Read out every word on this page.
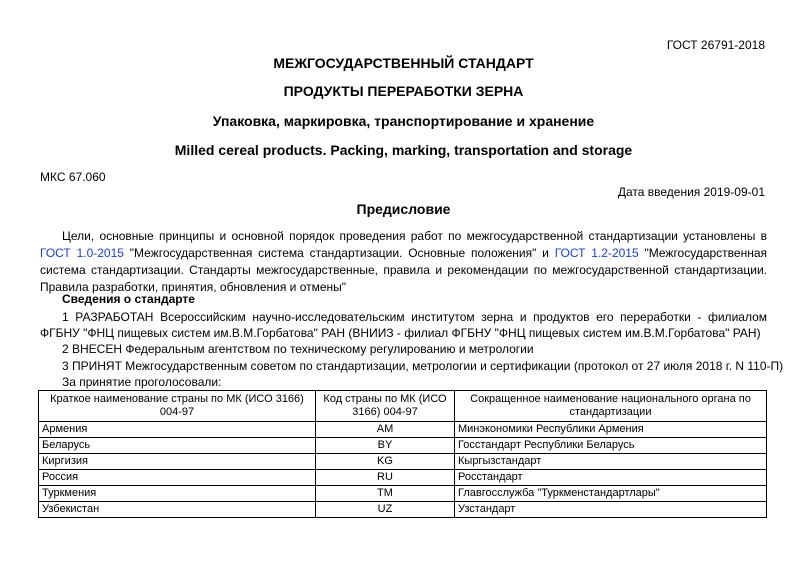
ГОСТ 26791-2018
МЕЖГОСУДАРСТВЕННЫЙ СТАНДАРТ
ПРОДУКТЫ ПЕРЕРАБОТКИ ЗЕРНА
Упаковка, маркировка, транспортирование и хранение
Milled cereal products. Packing, marking, transportation and storage
МКС 67.060
Дата введения 2019-09-01
Предисловие
Цели, основные принципы и основной порядок проведения работ по межгосударственной стандартизации установлены в ГОСТ 1.0-2015 "Межгосударственная система стандартизации. Основные положения" и ГОСТ 1.2-2015 "Межгосударственная система стандартизации. Стандарты межгосударственные, правила и рекомендации по межгосударственной стандартизации. Правила разработки, принятия, обновления и отмены"
Сведения о стандарте
1 РАЗРАБОТАН Всероссийским научно-исследовательским институтом зерна и продуктов его переработки - филиалом ФГБНУ "ФНЦ пищевых систем им.В.М.Горбатова" РАН (ВНИИЗ - филиал ФГБНУ "ФНЦ пищевых систем им.В.М.Горбатова" РАН)
2 ВНЕСЕН Федеральным агентством по техническому регулированию и метрологии
3 ПРИНЯТ Межгосударственным советом по стандартизации, метрологии и сертификации (протокол от 27 июля 2018 г. N 110-П)
За принятие проголосовали:
Краткое наименование страны по МК (ИСО 3166) 004-97	Код страны по МК (ИСО 3166) 004-97	Сокращенное наименование национального органа по стандартизации
Армения	AM	Минэкономики Республики Армения
Беларусь	BY	Госстандарт Республики Беларусь
Киргизия	KG	Кыргызстандарт
Россия	RU	Росстандарт
Туркмения	TM	Главгосслужба "Туркменстандартлары"
Узбекистан	UZ	Узстандарт
